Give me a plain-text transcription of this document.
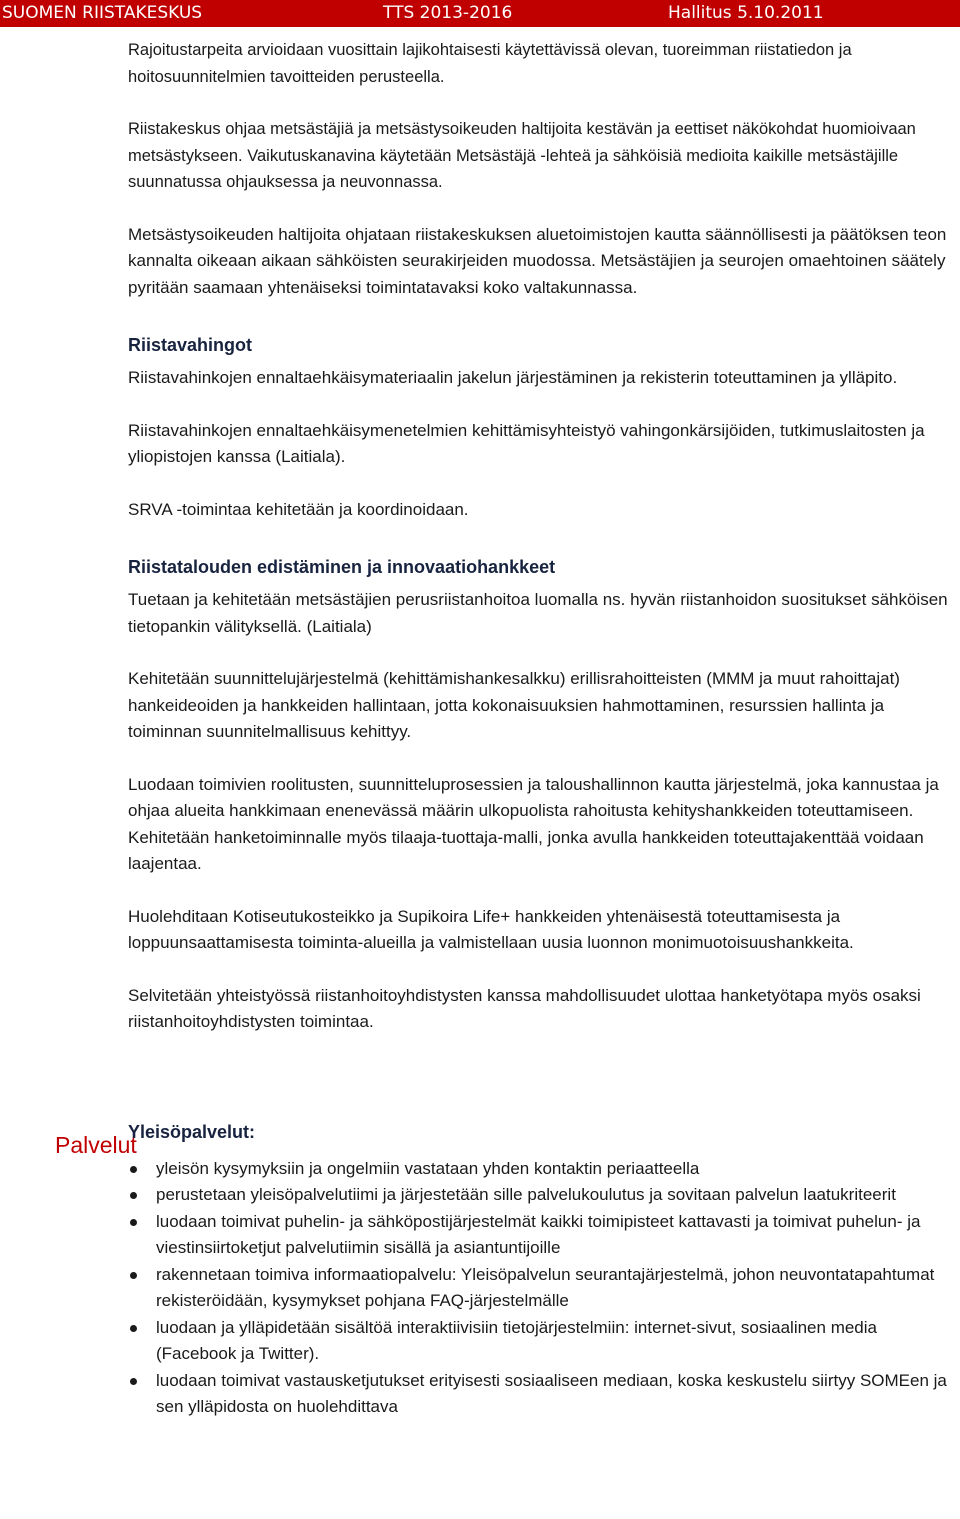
SUOMEN RIISTAKESKUS	TTS 2013-2016	Hallitus 5.10.2011

Rajoitustarpeita arvioidaan vuosittain lajikohtaisesti käytettävissä olevan, tuoreimman riistatiedon ja hoitosuunnitelmien tavoitteiden perusteella.

Riistakeskus ohjaa metsästäjiä ja metsästysoikeuden haltijoita kestävän ja eettiset näkökohdat huomioivaan metsästykseen. Vaikutuskanavina käytetään Metsästäjä -lehteä ja sähköisiä medioita kaikille metsästäjille suunnatussa ohjauksessa ja neuvonnassa.

Metsästysoikeuden haltijoita ohjataan riistakeskuksen aluetoimistojen kautta säännöllisesti ja päätöksen teon kannalta oikeaan aikaan sähköisten seurakirjeiden muodossa. Metsästäjien ja seurojen omaehtoinen säätely pyritään saamaan yhtenäiseksi toimintatavaksi koko valtakunnassa.

Riistavahingot

Riistavahinkojen ennaltaehkäisymateriaalin jakelun järjestäminen ja rekisterin toteuttaminen ja ylläpito.

Riistavahinkojen ennaltaehkäisymenetelmien kehittämisyhteistyö vahingonkärsijöiden, tutkimuslaitosten ja yliopistojen kanssa (Laitiala).

SRVA -toimintaa kehitetään ja koordinoidaan.

Riistatalouden edistäminen ja innovaatiohankkeet

Tuetaan ja kehitetään metsästäjien perusriistanhoitoa luomalla ns. hyvän riistanhoidon suositukset sähköisen tietopankin välityksellä. (Laitiala)

Kehitetään suunnittelujärjestelmä (kehittämishankesalkku) erillisrahoitteisten (MMM ja muut rahoittajat) hankeideoiden ja hankkeiden hallintaan, jotta kokonaisuuksien hahmottaminen, resurssien hallinta ja toiminnan suunnitelmallisuus kehittyy.

Luodaan toimivien roolitusten, suunnitteluprosessien ja taloushallinnon kautta järjestelmä, joka kannustaa ja ohjaa alueita hankkimaan enenevässä määrin ulkopuolista rahoitusta kehityshankkeiden toteuttamiseen. Kehitetään hanketoiminnalle myös tilaaja-tuottaja-malli, jonka avulla hankkeiden toteuttajakenttää voidaan laajentaa.

Huolehditaan Kotiseutukosteikko ja Supikoira Life+ hankkeiden yhtenäisestä toteuttamisesta ja loppuunsaattamisesta toiminta-alueilla ja valmistellaan uusia luonnon monimuotoisuushankkeita.

Selvitetään yhteistyössä riistanhoitoyhdistysten kanssa mahdollisuudet ulottaa hanketyötapa myös osaksi riistanhoitoyhdistysten toimintaa.

Yleisöpalvelut:
yleisön kysymyksiin ja ongelmiin vastataan yhden kontaktin periaatteella
perustetaan yleisöpalvelutiimi ja järjestetään sille palvelukoulutus ja sovitaan palvelun laatukriteerit
luodaan toimivat puhelin- ja sähköpostijärjestelmät kaikki toimipisteet kattavasti ja toimivat puhelun- ja viestinsiirtoketjut palvelutiimin sisällä ja asiantuntijoille
rakennetaan toimiva informaatiopalvelu: Yleisöpalvelun seurantajärjestelmä, johon neuvontatapahtumat rekisteröidään, kysymykset pohjana FAQ-järjestelmälle
luodaan ja ylläpidetään sisältöä interaktiivisiin tietojärjestelmiin: internet-sivut, sosiaalinen media (Facebook ja Twitter).
luodaan toimivat vastausketjutukset erityisesti sosiaaliseen mediaan, koska keskustelu siirtyy SOMEen ja sen ylläpidosta on huolehdittava
Palvelut
